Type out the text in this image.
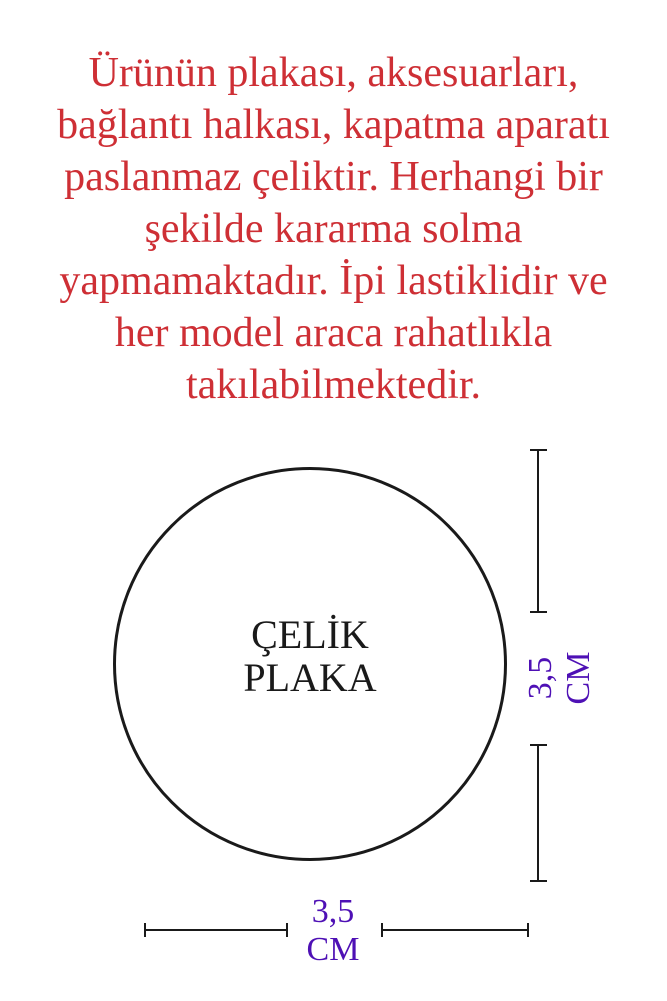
Ürünün plakası, aksesuarları,
bağlantı halkası, kapatma aparatı
paslanmaz çeliktir. Herhangi bir
şekilde kararma solma
yapmamaktadır. İpi lastiklidir ve
her model araca rahatlıkla
takılabilmektedir.
ÇELİK
PLAKA	3,5 CM
3,5
CM
